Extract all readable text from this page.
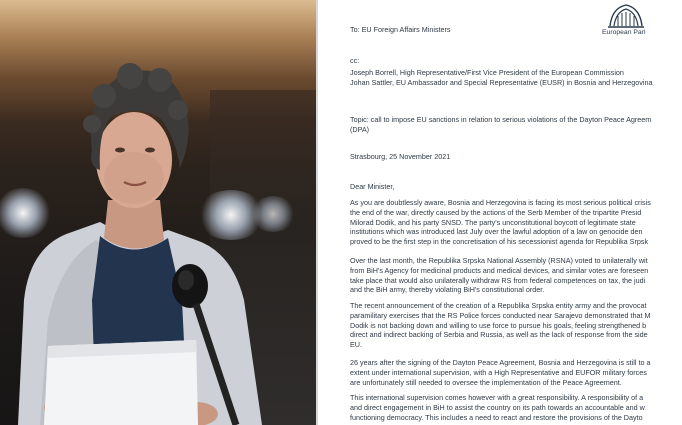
European Parl
To: EU Foreign Affairs Ministers
cc:
Joseph Borrell, High Representative/First Vice President of the European Commission
Johan Sattler, EU Ambassador and Special Representative (EUSR) in Bosnia and Herzegovina
Topic: call to impose EU sanctions in relation to serious violations of the Dayton Peace Agreem
(DPA)
Strasbourg, 25 November 2021
Dear Minister,
As you are doubtlessly aware, Bosnia and Herzegovina is facing its most serious political crisis
the end of the war, directly caused by the actions of the Serb Member of the tripartite Presid
Milorad Dodik, and his party SNSD. The party's unconstitutional boycott of legitimate state
institutions which was introduced last July over the lawful adoption of a law on genocide den
proved to be the first step in the concretisation of his secessionist agenda for Republika Srpsk
Over the last month, the Republika Srpska National Assembly (RSNA) voted to unilaterally wit
from BiH's Agency for medicinal products and medical devices, and similar votes are foreseen
take place that would also unilaterally withdraw RS from federal competences on tax, the judi
and the BiH army, thereby violating BiH's constitutional order.
The recent announcement of the creation of a Republika Srpska entity army and the provocat
paramilitary exercises that the RS Police forces conducted near Sarajevo demonstrated that M
Dodik is not backing down and willing to use force to pursue his goals, feeling strengthened b
direct and indirect backing of Serbia and Russia, as well as the lack of response from the side
EU.
26 years after the signing of the Dayton Peace Agreement, Bosnia and Herzegovina is still to a
extent under international supervision, with a High Representative and EUFOR military forces
are unfortunately still needed to oversee the implementation of the Peace Agreement.
This international supervision comes however with a great responsibility. A responsibility of a
and direct engagement in BiH to assist the country on its path towards an accountable and w
functioning democracy. This includes a need to react and restore the provisions of the Dayto
